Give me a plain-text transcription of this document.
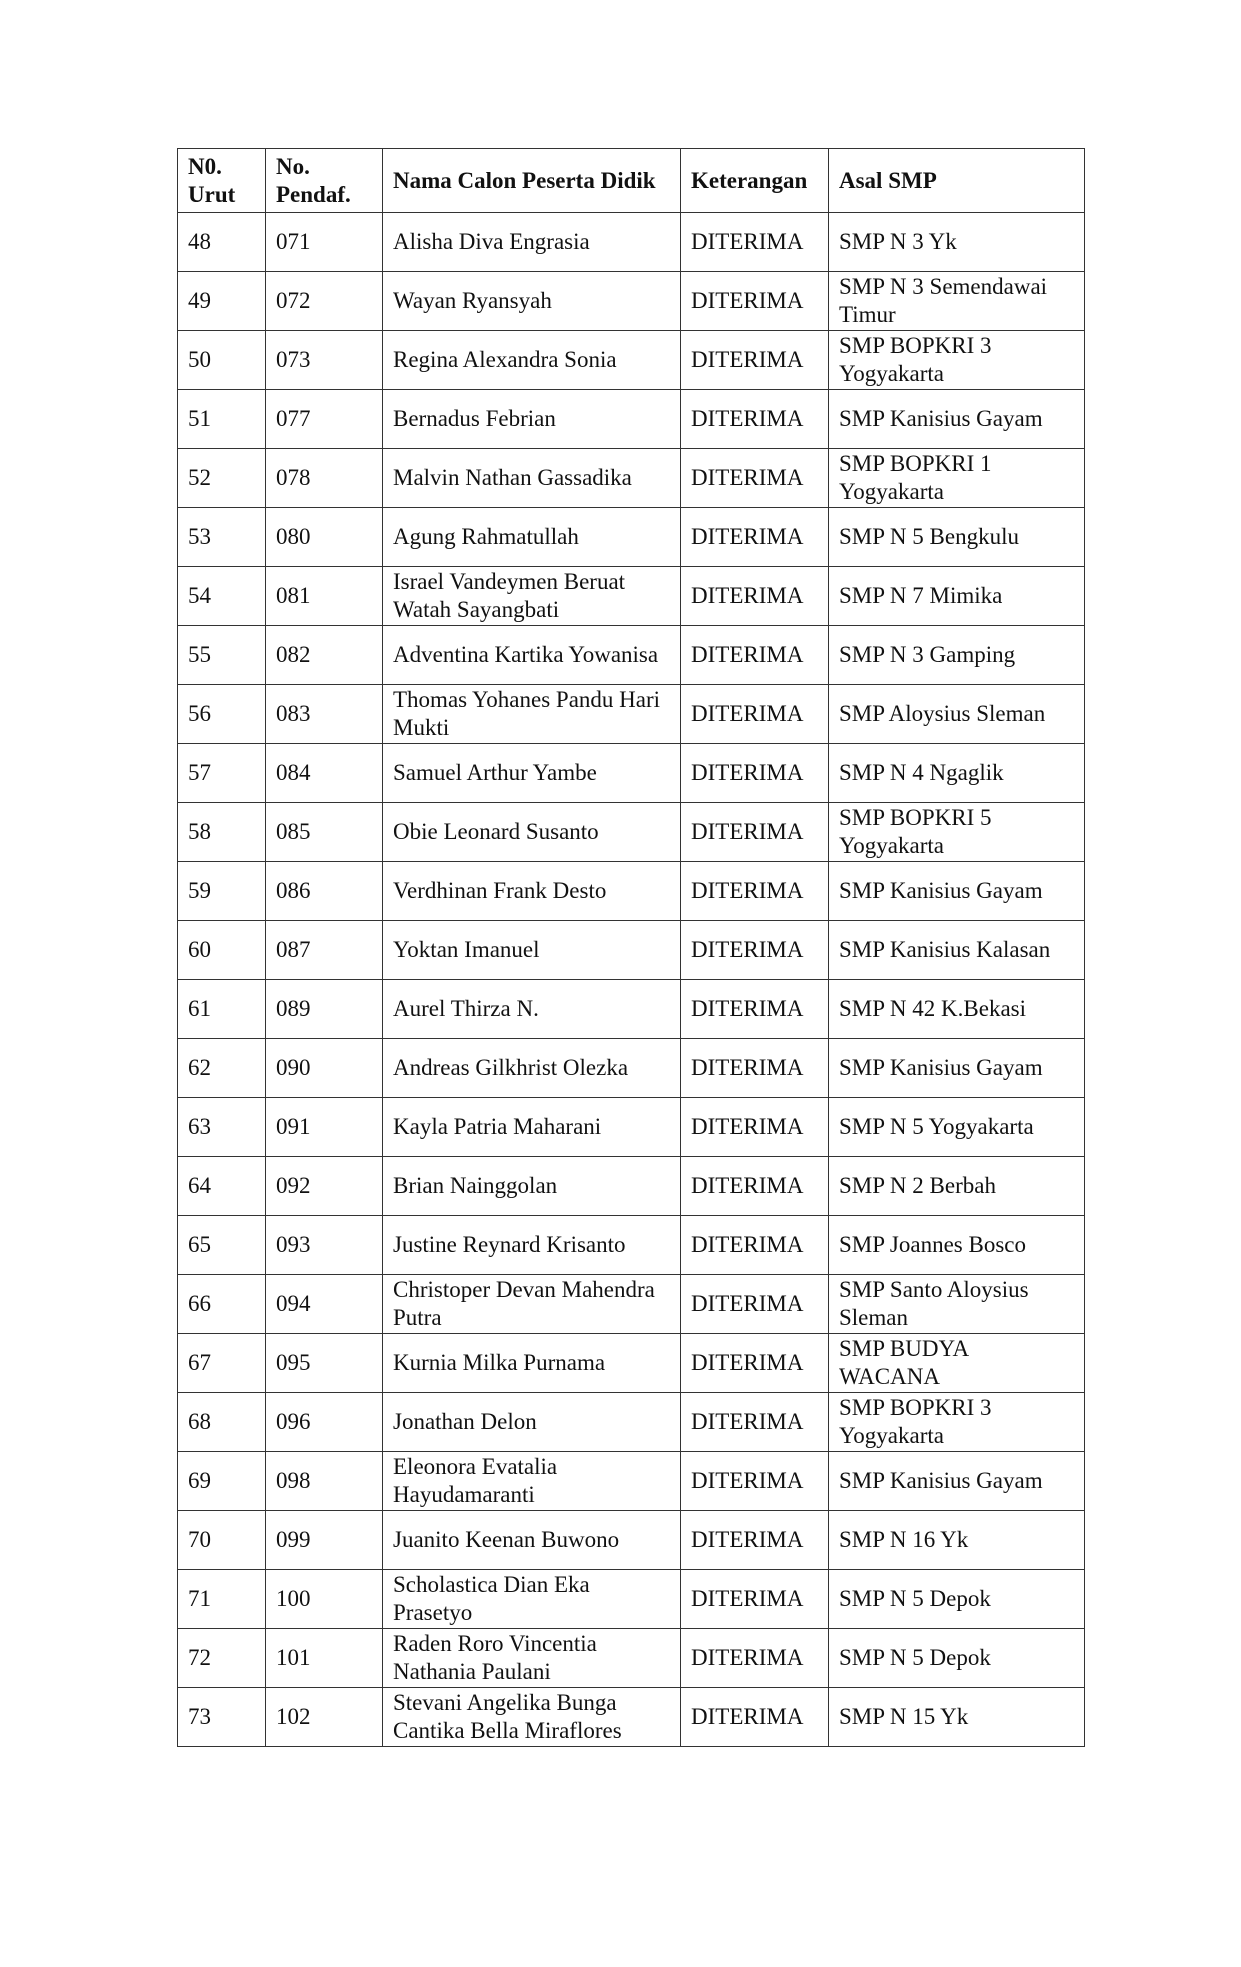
N0. Urut	No. Pendaf.	Nama Calon Peserta Didik	Keterangan	Asal SMP
48	071	Alisha Diva Engrasia	DITERIMA	SMP N 3 Yk
49	072	Wayan Ryansyah	DITERIMA	SMP N 3 Semendawai Timur
50	073	Regina Alexandra Sonia	DITERIMA	SMP BOPKRI 3 Yogyakarta
51	077	Bernadus Febrian	DITERIMA	SMP Kanisius Gayam
52	078	Malvin Nathan Gassadika	DITERIMA	SMP BOPKRI 1 Yogyakarta
53	080	Agung Rahmatullah	DITERIMA	SMP N 5 Bengkulu
54	081	Israel Vandeymen Beruat Watah Sayangbati	DITERIMA	SMP N 7 Mimika
55	082	Adventina Kartika Yowanisa	DITERIMA	SMP N 3 Gamping
56	083	Thomas Yohanes Pandu Hari Mukti	DITERIMA	SMP Aloysius Sleman
57	084	Samuel Arthur Yambe	DITERIMA	SMP N 4 Ngaglik
58	085	Obie Leonard Susanto	DITERIMA	SMP BOPKRI 5 Yogyakarta
59	086	Verdhinan Frank Desto	DITERIMA	SMP Kanisius Gayam
60	087	Yoktan Imanuel	DITERIMA	SMP Kanisius Kalasan
61	089	Aurel Thirza N.	DITERIMA	SMP N 42 K.Bekasi
62	090	Andreas Gilkhrist Olezka	DITERIMA	SMP Kanisius Gayam
63	091	Kayla Patria Maharani	DITERIMA	SMP N 5 Yogyakarta
64	092	Brian Nainggolan	DITERIMA	SMP N 2 Berbah
65	093	Justine Reynard Krisanto	DITERIMA	SMP Joannes Bosco
66	094	Christoper Devan Mahendra Putra	DITERIMA	SMP Santo Aloysius Sleman
67	095	Kurnia Milka Purnama	DITERIMA	SMP BUDYA WACANA
68	096	Jonathan Delon	DITERIMA	SMP BOPKRI 3 Yogyakarta
69	098	Eleonora Evatalia Hayudamaranti	DITERIMA	SMP Kanisius Gayam
70	099	Juanito Keenan Buwono	DITERIMA	SMP N 16 Yk
71	100	Scholastica Dian Eka Prasetyo	DITERIMA	SMP N 5 Depok
72	101	Raden Roro Vincentia Nathania Paulani	DITERIMA	SMP N 5 Depok
73	102	Stevani Angelika Bunga Cantika Bella Miraflores	DITERIMA	SMP N 15 Yk
